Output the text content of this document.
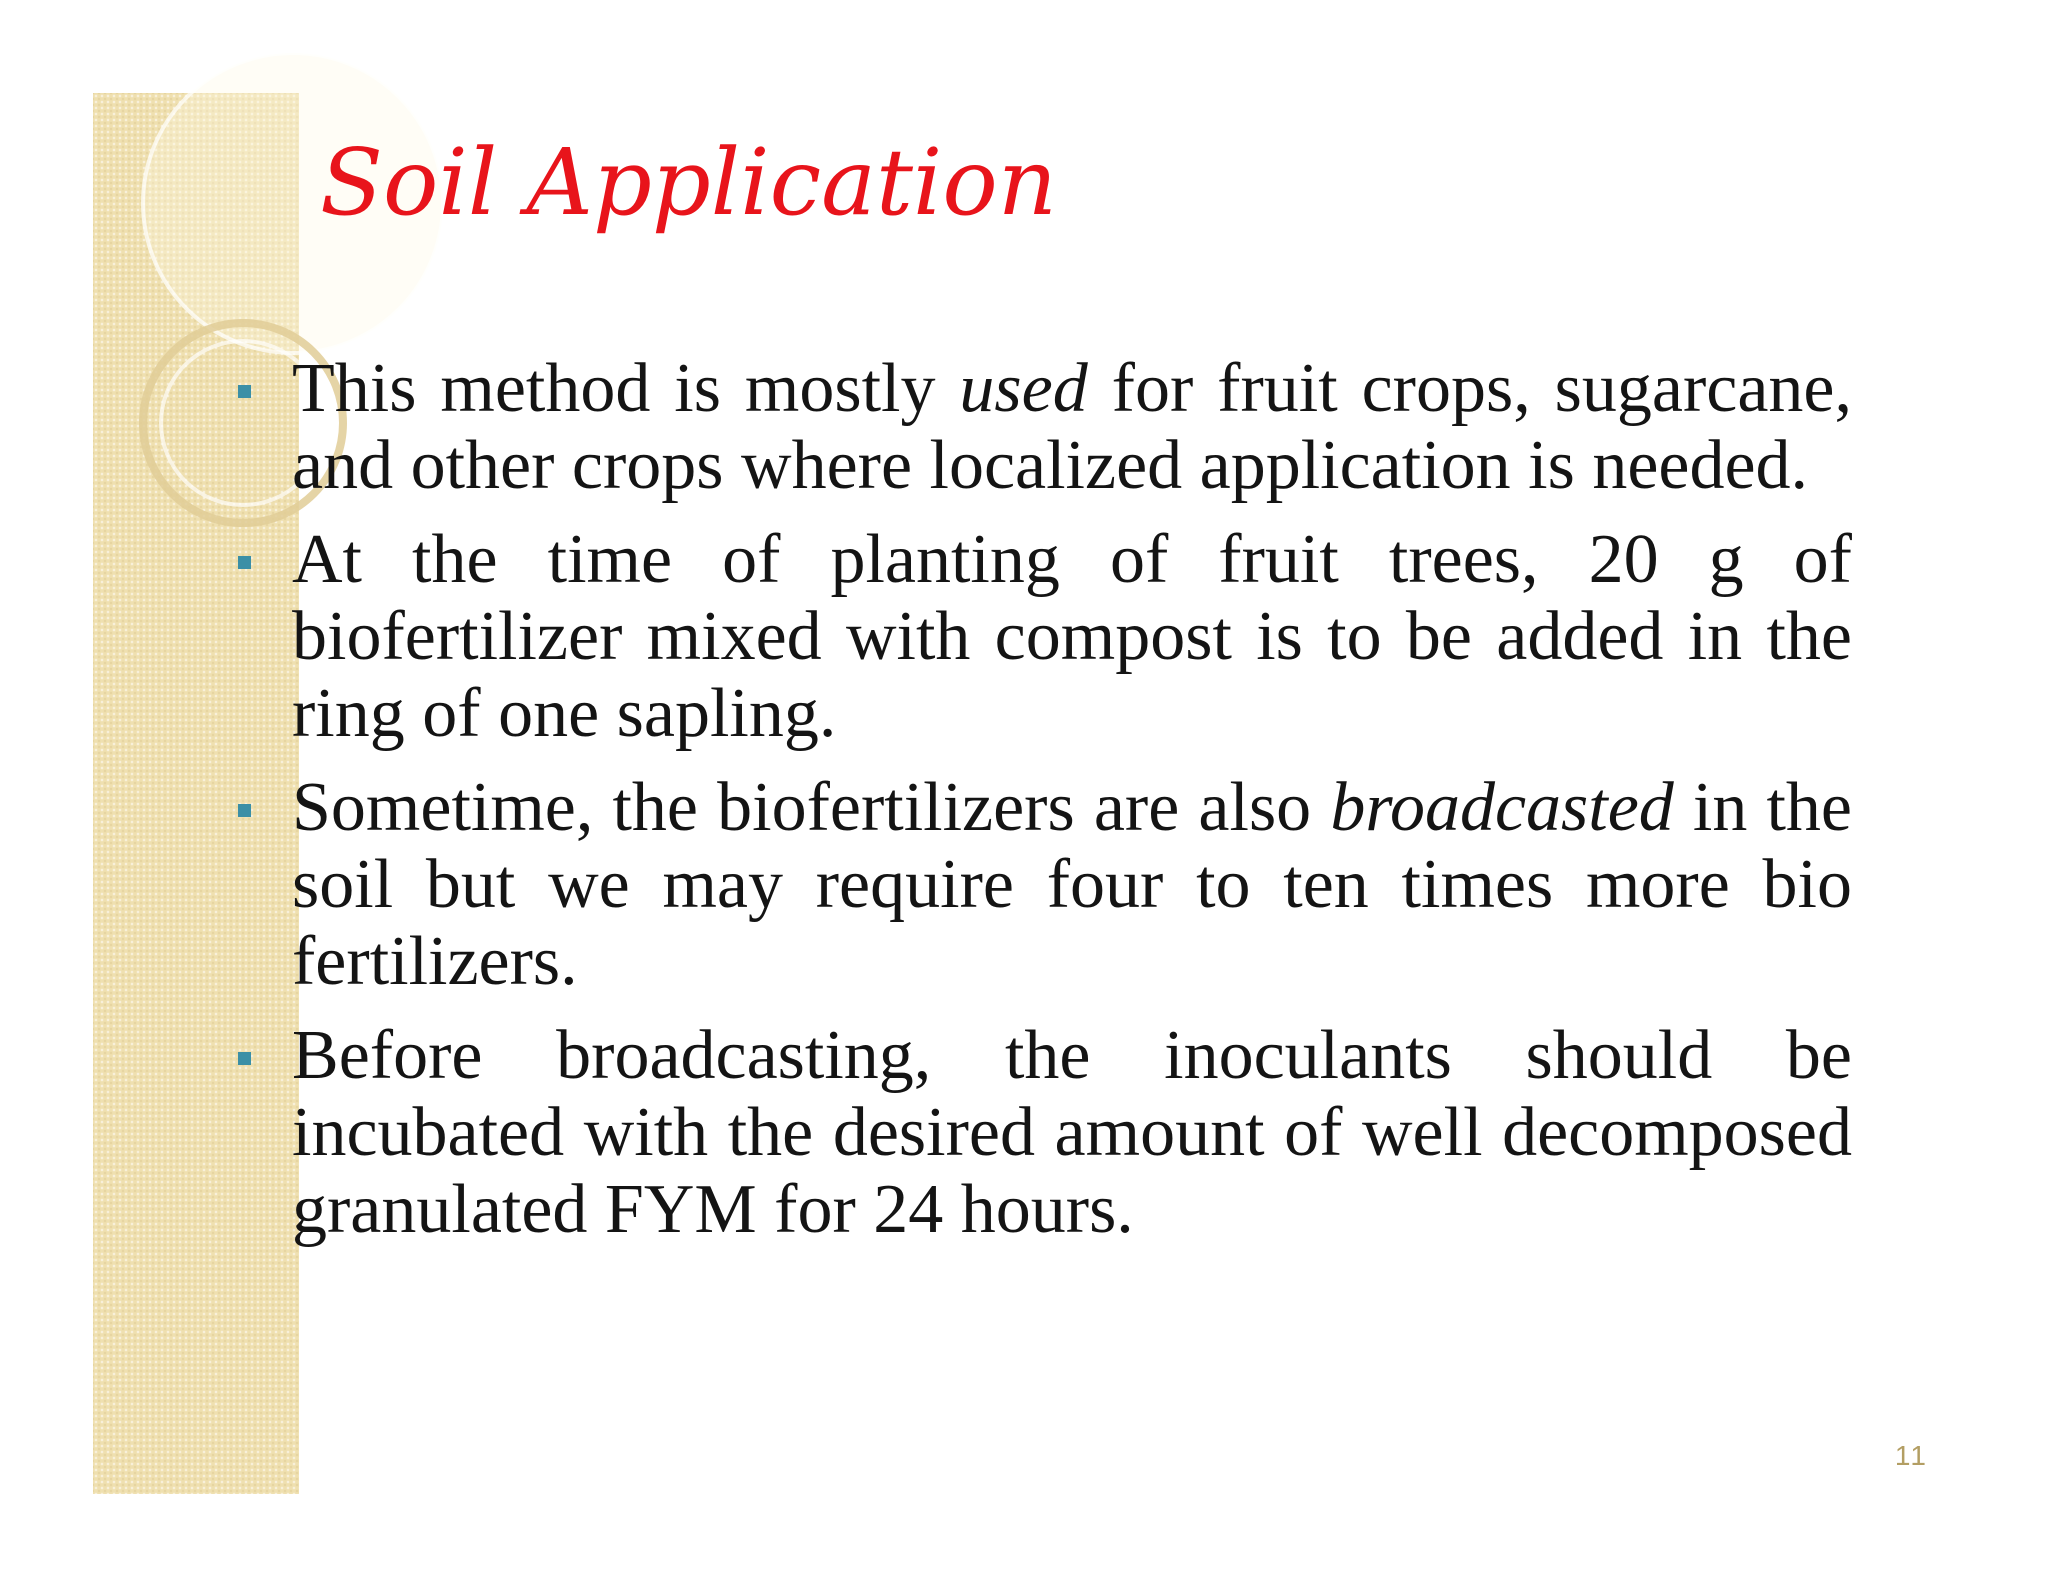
Soil Application
This method is mostly used for fruit crops, sugarcane, and other crops where localized application is needed.
At the time of planting of fruit trees, 20 g of biofertilizer mixed with compost is to be added in the ring of one sapling.
Sometime, the biofertilizers are also broadcasted in the soil but we may require four to ten times more bio fertilizers.
Before broadcasting, the inoculants should be incubated with the desired amount of well decomposed granulated FYM for 24 hours.
11
